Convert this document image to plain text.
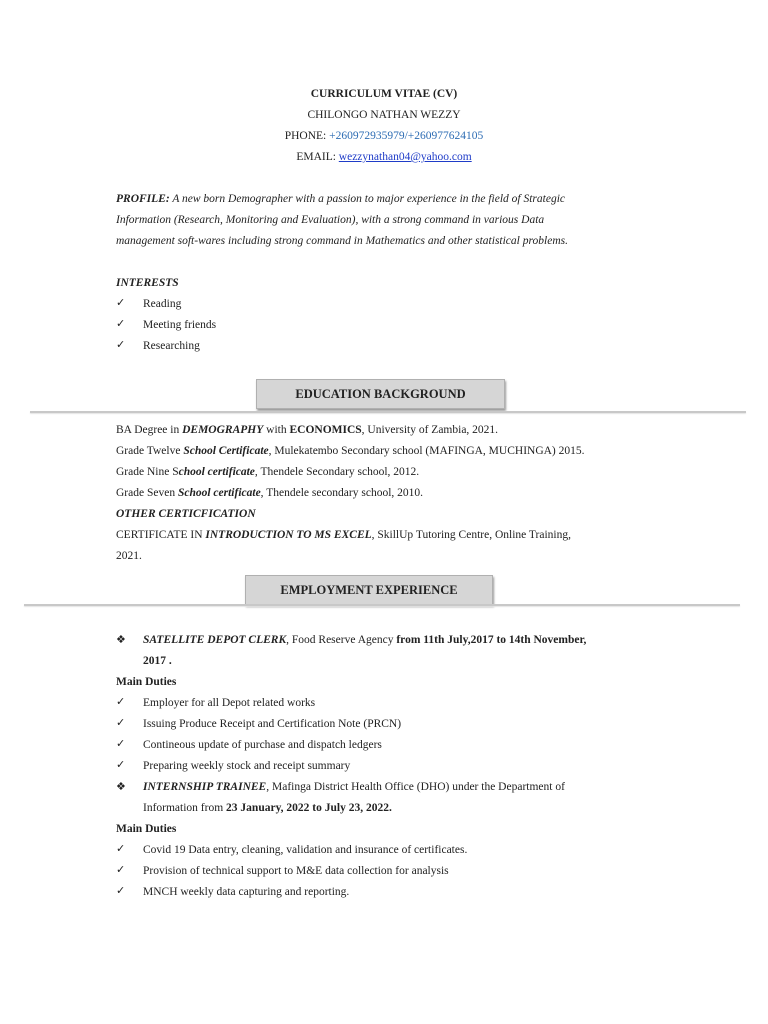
CURRICULUM VITAE (CV)
CHILONGO NATHAN WEZZY
PHONE: +260972935979/+260977624105
EMAIL: wezzynathan04@yahoo.com
PROFILE: A new born Demographer with a passion to major experience in the field of Strategic
Information (Research, Monitoring and Evaluation), with a strong command in various Data
management soft-wares including strong command in Mathematics and other statistical problems.
INTERESTS
✓	Reading
✓	Meeting friends
✓	Researching
EDUCATION BACKGROUND
BA Degree in DEMOGRAPHY with ECONOMICS, University of Zambia, 2021.
Grade Twelve School Certificate, Mulekatembo Secondary school (MAFINGA, MUCHINGA) 2015.
Grade Nine School certificate, Thendele Secondary school, 2012.
Grade Seven School certificate, Thendele secondary school, 2010.
OTHER CERTICFICATION
CERTIFICATE IN INTRODUCTION TO MS EXCEL, SkillUp Tutoring Centre, Online Training,
2021.
EMPLOYMENT EXPERIENCE
❖	SATELLITE DEPOT CLERK, Food Reserve Agency from 11th July,2017 to 14th November,
2017 .
Main Duties
✓	Employer for all Depot related works
✓	Issuing Produce Receipt and Certification Note (PRCN)
✓	Contineous update of purchase and dispatch ledgers
✓	Preparing weekly stock and receipt summary
❖	INTERNSHIP TRAINEE, Mafinga District Health Office (DHO) under the Department of
Information from 23 January, 2022 to July 23, 2022.
Main Duties
✓	Covid 19 Data entry, cleaning, validation and insurance of certificates.
✓	Provision of technical support to M&E data collection for analysis
✓	MNCH weekly data capturing and reporting.
